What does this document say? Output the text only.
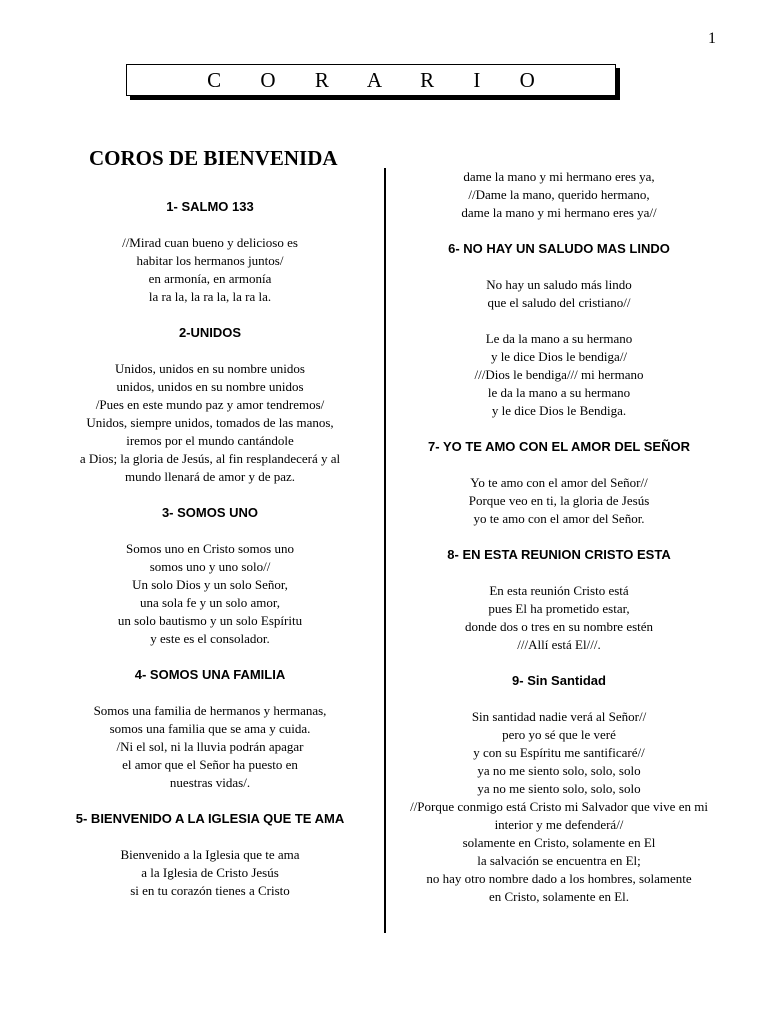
1
C O R A R I O
COROS DE BIENVENIDA
1- SALMO 133
//Mirad cuan bueno y delicioso es
habitar los hermanos juntos/
en armonía, en armonía
la ra la, la ra la, la ra la.
2-UNIDOS
Unidos, unidos en su nombre unidos
unidos, unidos en su nombre unidos
/Pues en este mundo paz y amor tendremos/
Unidos, siempre unidos, tomados de las manos,
iremos por el mundo cantándole
a Dios; la gloria de Jesús, al fin resplandecerá y al
mundo llenará de amor y de paz.
3- SOMOS UNO
Somos uno en Cristo somos uno
somos uno y uno solo//
Un solo Dios y un solo Señor,
una sola fe y un solo amor,
un solo bautismo y un solo Espíritu
y este es el consolador.
4- SOMOS UNA FAMILIA
Somos una familia de hermanos y hermanas,
somos una familia que se ama y cuida.
/Ni el sol, ni la lluvia podrán apagar
el amor que el Señor ha puesto en
nuestras vidas/.
5- BIENVENIDO A LA IGLESIA QUE TE AMA
Bienvenido a la Iglesia que te ama
a la Iglesia de Cristo Jesús
si en tu corazón tienes a Cristo
dame la mano y mi hermano eres ya,
//Dame la mano, querido hermano,
dame la mano y mi hermano eres ya//
6- NO HAY UN SALUDO MAS LINDO
No hay un saludo más lindo
que el saludo del cristiano//
Le da la mano a su hermano
y le dice Dios le bendiga//
///Dios le bendiga/// mi hermano
le da la mano a su hermano
y le dice Dios le Bendiga.
7- YO TE AMO CON EL AMOR DEL SEÑOR
Yo te amo con el amor del Señor//
Porque veo en ti, la gloria de Jesús
yo te amo con el amor del Señor.
8- EN ESTA REUNION CRISTO ESTA
En esta reunión Cristo está
pues El ha prometido estar,
donde dos o tres en su nombre estén
///Allí está El///.
9- Sin Santidad
Sin santidad nadie verá al Señor//
pero yo sé que le veré
y con su Espíritu me santificaré//
ya no me siento solo, solo, solo
ya no me siento solo, solo, solo
//Porque conmigo está Cristo mi Salvador que vive en mi
interior y me defenderá//
solamente en Cristo, solamente en El
la salvación se encuentra en El;
no hay otro nombre dado a los hombres, solamente
en Cristo, solamente en El.
